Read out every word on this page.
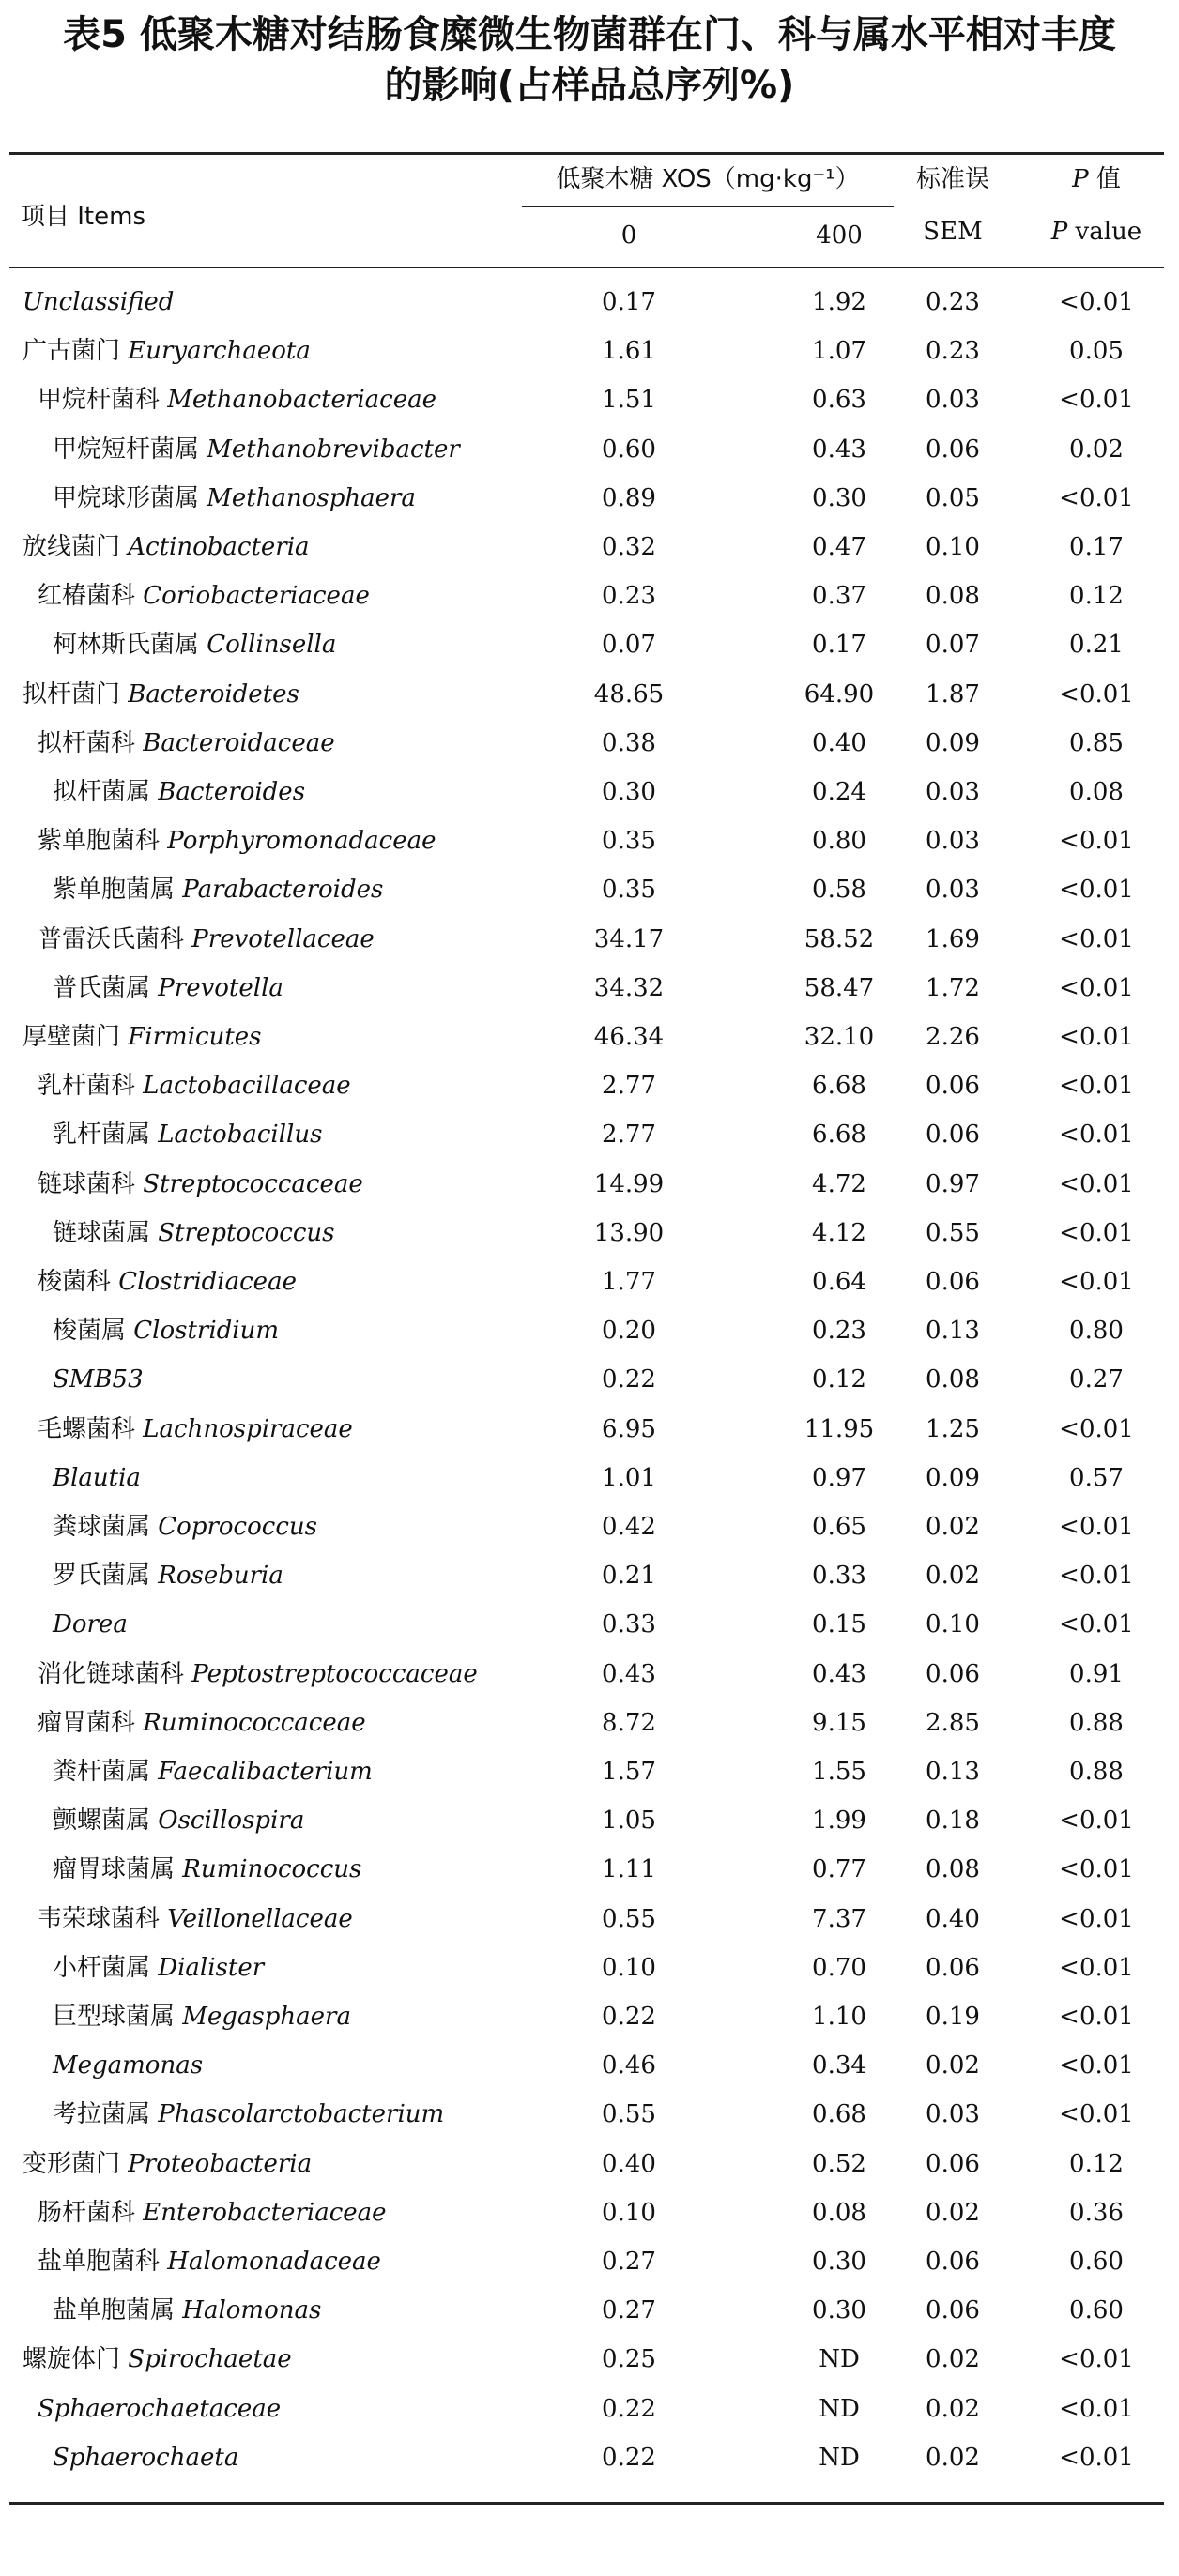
表5 低聚木糖对结肠食糜微生物菌群在门、科与属水平相对丰度
的影响(占样品总序列%)
项目 Items
低聚木糖 XOS（mg·kg⁻¹）
0	400
标准误
SEM
P 值
P value
Unclassified	0.17	1.92	0.23	<0.01
广古菌门 Euryarchaeota	1.61	1.07	0.23	0.05
甲烷杆菌科 Methanobacteriaceae	1.51	0.63	0.03	<0.01
甲烷短杆菌属 Methanobrevibacter	0.60	0.43	0.06	0.02
甲烷球形菌属 Methanosphaera	0.89	0.30	0.05	<0.01
放线菌门 Actinobacteria	0.32	0.47	0.10	0.17
红椿菌科 Coriobacteriaceae	0.23	0.37	0.08	0.12
柯林斯氏菌属 Collinsella	0.07	0.17	0.07	0.21
拟杆菌门 Bacteroidetes	48.65	64.90	1.87	<0.01
拟杆菌科 Bacteroidaceae	0.38	0.40	0.09	0.85
拟杆菌属 Bacteroides	0.30	0.24	0.03	0.08
紫单胞菌科 Porphyromonadaceae	0.35	0.80	0.03	<0.01
紫单胞菌属 Parabacteroides	0.35	0.58	0.03	<0.01
普雷沃氏菌科 Prevotellaceae	34.17	58.52	1.69	<0.01
普氏菌属 Prevotella	34.32	58.47	1.72	<0.01
厚壁菌门 Firmicutes	46.34	32.10	2.26	<0.01
乳杆菌科 Lactobacillaceae	2.77	6.68	0.06	<0.01
乳杆菌属 Lactobacillus	2.77	6.68	0.06	<0.01
链球菌科 Streptococcaceae	14.99	4.72	0.97	<0.01
链球菌属 Streptococcus	13.90	4.12	0.55	<0.01
梭菌科 Clostridiaceae	1.77	0.64	0.06	<0.01
梭菌属 Clostridium	0.20	0.23	0.13	0.80
SMB53	0.22	0.12	0.08	0.27
毛螺菌科 Lachnospiraceae	6.95	11.95	1.25	<0.01
Blautia	1.01	0.97	0.09	0.57
粪球菌属 Coprococcus	0.42	0.65	0.02	<0.01
罗氏菌属 Roseburia	0.21	0.33	0.02	<0.01
Dorea	0.33	0.15	0.10	<0.01
消化链球菌科 Peptostreptococcaceae	0.43	0.43	0.06	0.91
瘤胃菌科 Ruminococcaceae	8.72	9.15	2.85	0.88
粪杆菌属 Faecalibacterium	1.57	1.55	0.13	0.88
颤螺菌属 Oscillospira	1.05	1.99	0.18	<0.01
瘤胃球菌属 Ruminococcus	1.11	0.77	0.08	<0.01
韦荣球菌科 Veillonellaceae	0.55	7.37	0.40	<0.01
小杆菌属 Dialister	0.10	0.70	0.06	<0.01
巨型球菌属 Megasphaera	0.22	1.10	0.19	<0.01
Megamonas	0.46	0.34	0.02	<0.01
考拉菌属 Phascolarctobacterium	0.55	0.68	0.03	<0.01
变形菌门 Proteobacteria	0.40	0.52	0.06	0.12
肠杆菌科 Enterobacteriaceae	0.10	0.08	0.02	0.36
盐单胞菌科 Halomonadaceae	0.27	0.30	0.06	0.60
盐单胞菌属 Halomonas	0.27	0.30	0.06	0.60
螺旋体门 Spirochaetae	0.25	ND	0.02	<0.01
Sphaerochaetaceae	0.22	ND	0.02	<0.01
Sphaerochaeta	0.22	ND	0.02	<0.01
